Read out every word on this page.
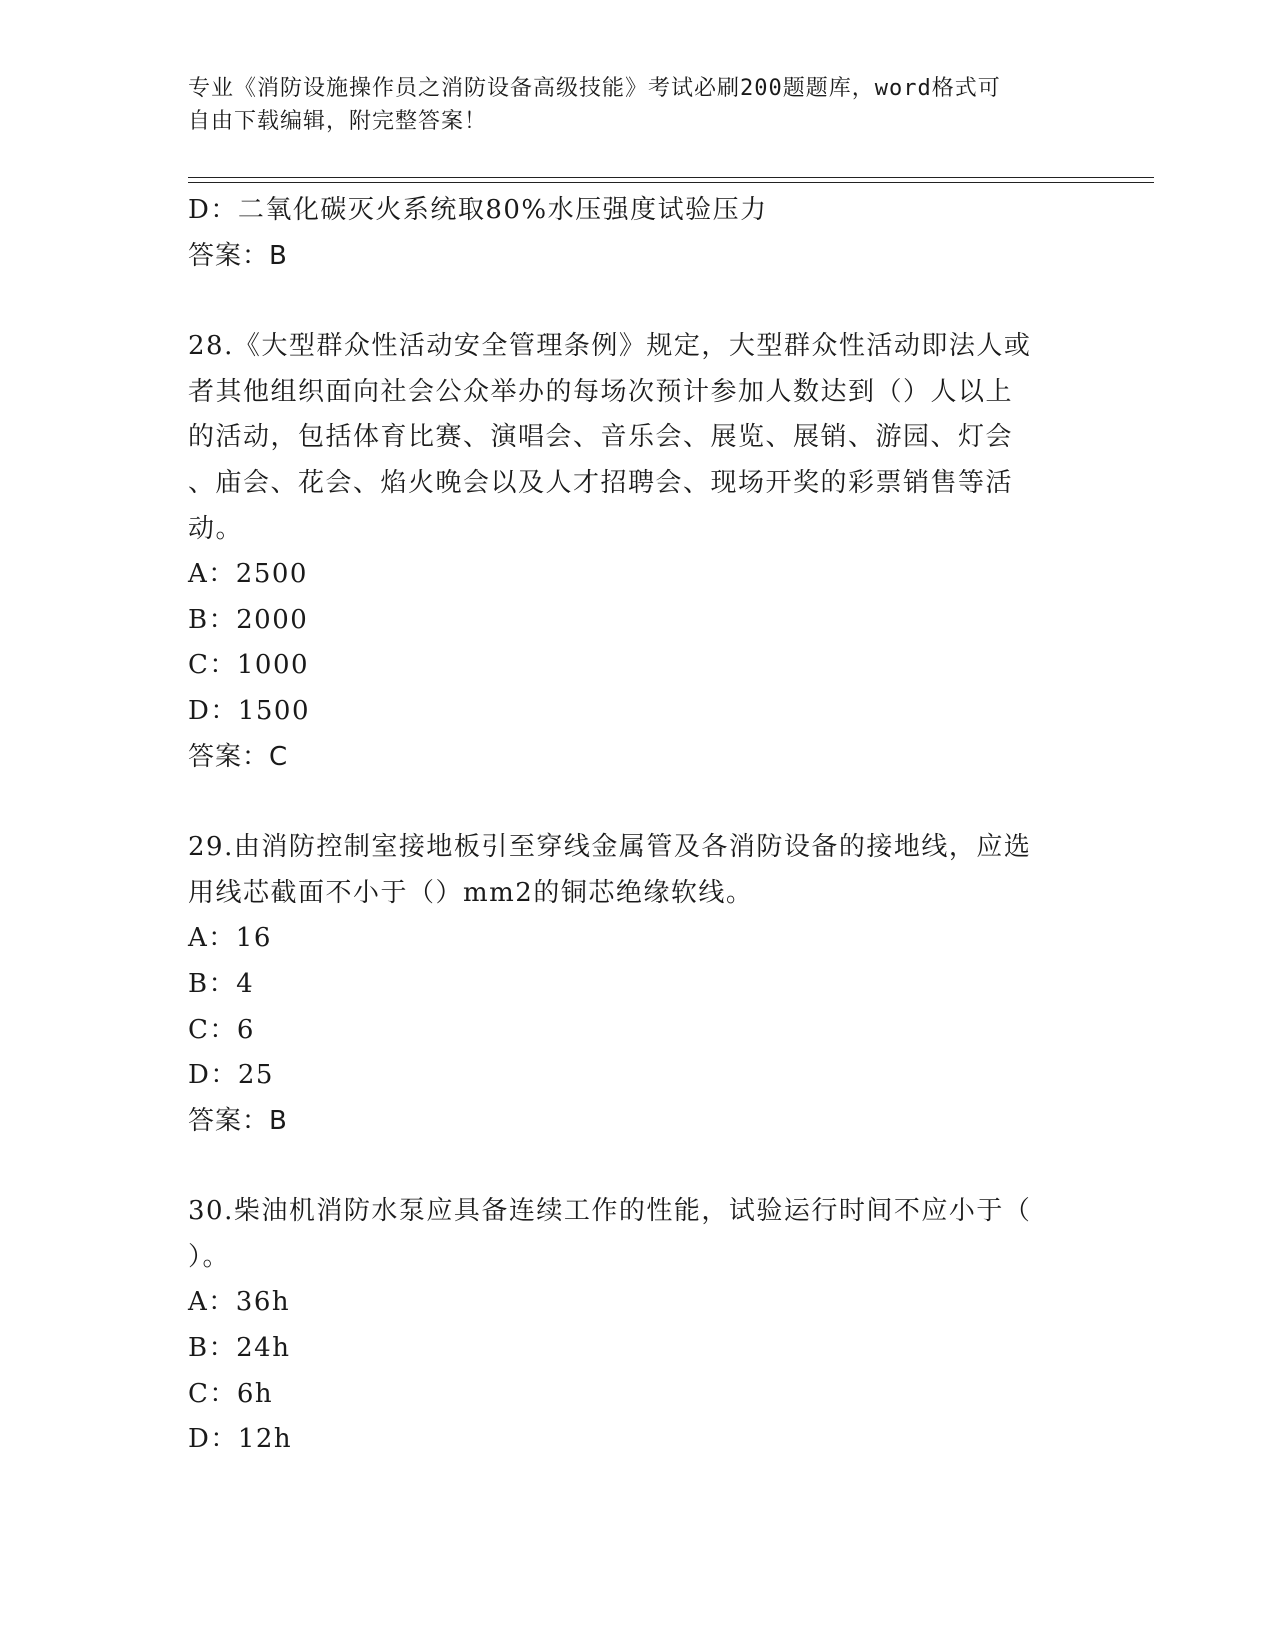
专业《消防设施操作员之消防设备高级技能》考试必刷200题题库，word格式可
自由下载编辑，附完整答案！
D：二氧化碳灭火系统取80%水压强度试验压力
答案：B
28.《大型群众性活动安全管理条例》规定，大型群众性活动即法人或
者其他组织面向社会公众举办的每场次预计参加人数达到（）人以上
的活动，包括体育比赛、演唱会、音乐会、展览、展销、游园、灯会
、庙会、花会、焰火晚会以及人才招聘会、现场开奖的彩票销售等活
动。
A：2500
B：2000
C：1000
D：1500
答案：C
29.由消防控制室接地板引至穿线金属管及各消防设备的接地线，应选
用线芯截面不小于（）mm2的铜芯绝缘软线。
A：16
B：4
C：6
D：25
答案：B
30.柴油机消防水泵应具备连续工作的性能，试验运行时间不应小于（
）。
A：36h
B：24h
C：6h
D：12h
